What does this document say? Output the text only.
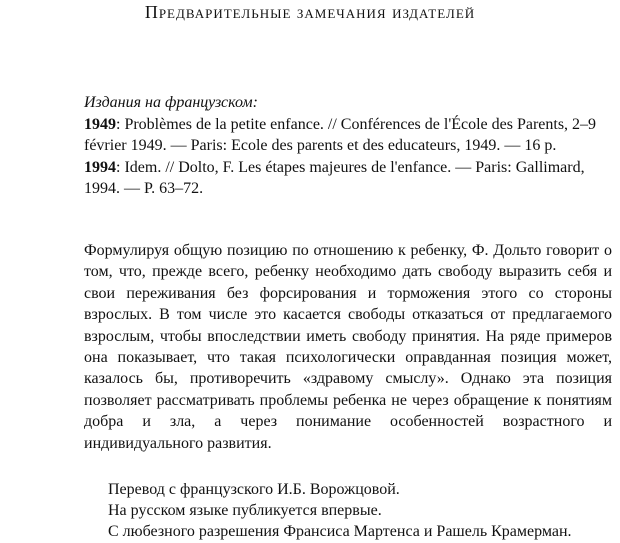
Предварительные замечания издателей
Издания на французском:

1949: Problèmes de la petite enfance. // Conférences de l'École des Parents, 2–9 février 1949. — Paris: Ecole des parents et des educateurs, 1949. — 16 p.

1994: Idem. // Dolto, F. Les étapes majeures de l'enfance. — Paris: Gallimard, 1994. — P. 63–72.

Формулируя общую позицию по отношению к ребенку, Ф. Дольто говорит о том, что, прежде всего, ребенку необходимо дать свободу выразить себя и свои переживания без форсирования и торможения этого со стороны взрослых. В том числе это касается свободы отказаться от предлагаемого взрослым, чтобы впоследствии иметь свободу принятия. На ряде примеров она показывает, что такая психологически оправданная позиция может, казалось бы, противоречить «здравому смыслу». Однако эта позиция позволяет рассматривать проблемы ребенка не через обращение к понятиям добра и зла, а через понимание особенностей возрастного и индивидуального развития.

Перевод с французского И.Б. Ворожцовой.
На русском языке публикуется впервые.
С любезного разрешения Франсиса Мартенса и Рашель Крамерман.
